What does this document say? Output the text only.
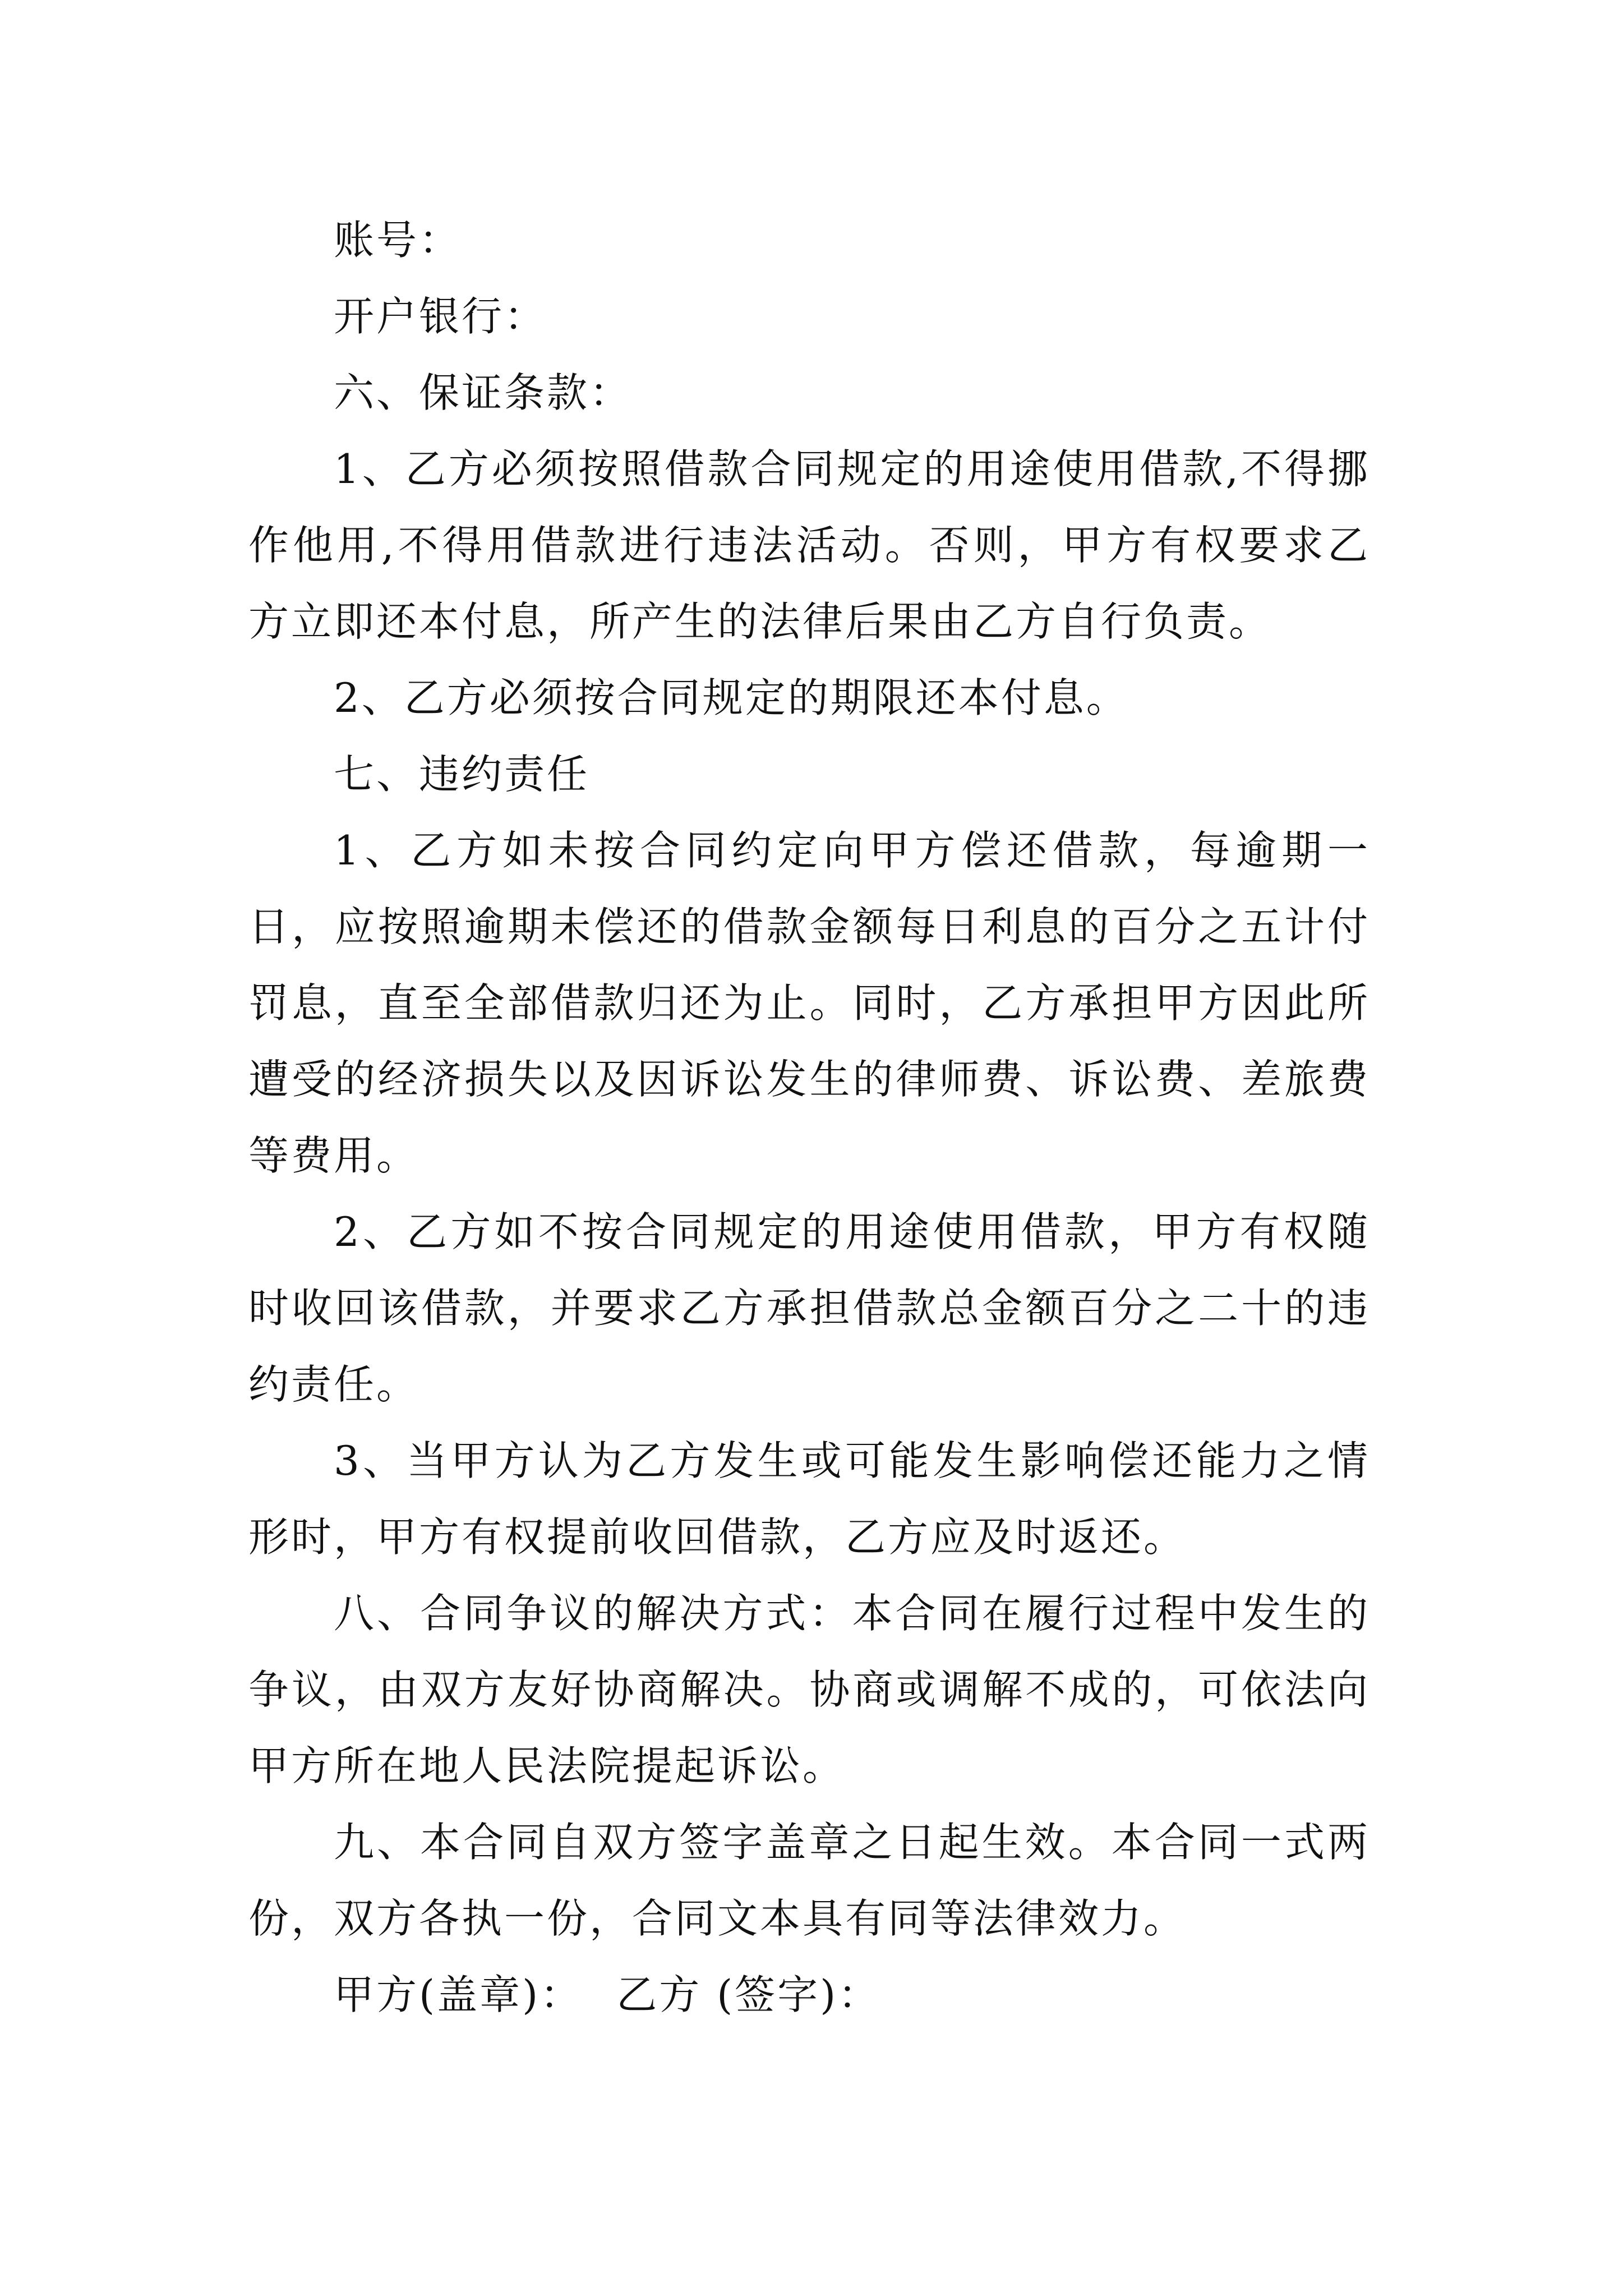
账号：

开户银行：

六、保证条款：

1、乙方必须按照借款合同规定的用途使用借款,不得挪作他用,不得用借款进行违法活动。否则，甲方有权要求乙方立即还本付息，所产生的法律后果由乙方自行负责。

2、乙方必须按合同规定的期限还本付息。

七、违约责任

1、乙方如未按合同约定向甲方偿还借款，每逾期一日，应按照逾期未偿还的借款金额每日利息的百分之五计付罚息，直至全部借款归还为止。同时，乙方承担甲方因此所遭受的经济损失以及因诉讼发生的律师费、诉讼费、差旅费等费用。

2、乙方如不按合同规定的用途使用借款，甲方有权随时收回该借款，并要求乙方承担借款总金额百分之二十的违约责任。

3、当甲方认为乙方发生或可能发生影响偿还能力之情形时，甲方有权提前收回借款，乙方应及时返还。

八、合同争议的解决方式：本合同在履行过程中发生的争议，由双方友好协商解决。协商或调解不成的，可依法向甲方所在地人民法院提起诉讼。

九、本合同自双方签字盖章之日起生效。本合同一式两份，双方各执一份，合同文本具有同等法律效力。

甲方(盖章)： 乙方 (签字)：
